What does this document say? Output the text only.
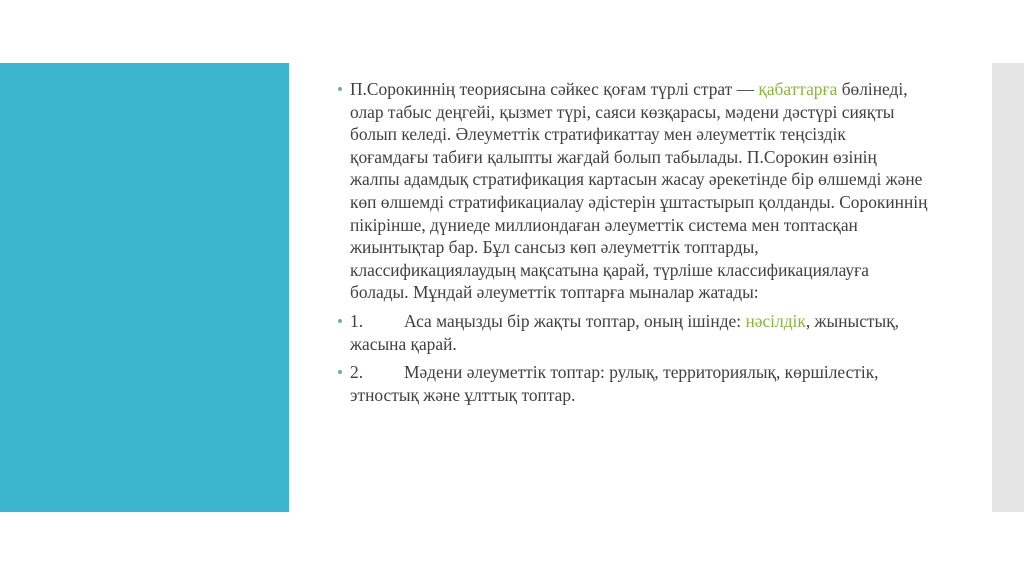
П.Сорокиннің теориясына сәйкес қоғам түрлі страт — қабаттарға бөлінеді, олар табыс деңгейі, қызмет түрі, саяси көзқарасы, мәдени дәстүрі сияқты болып келеді. Әлеуметтік стратификаттау мен әлеуметтік теңсіздік қоғамдағы табиғи қалыпты жағдай болып табылады. П.Сорокин өзінің жалпы адамдық стратификация картасын жасау әрекетінде бір өлшемді және көп өлшемді стратификациалау әдістерін ұштастырып қолданды. Сорокиннің пікірінше, дүниеде миллиондаған әлеуметтік система мен топтасқан жиынтықтар бар. Бұл сансыз көп әлеуметтік топтарды, классификациялаудың мақсатына қарай, түрліше классификациялауға болады. Мұндай әлеуметтік топтарға мыналар жатады:

1. Аса маңызды бір жақты топтар, оның ішінде: нәсілдік, жыныстық, жасына қарай.

2. Мәдени әлеуметтік топтар: рулық, территориялық, көршілестік, этностық және ұлттық топтар.
